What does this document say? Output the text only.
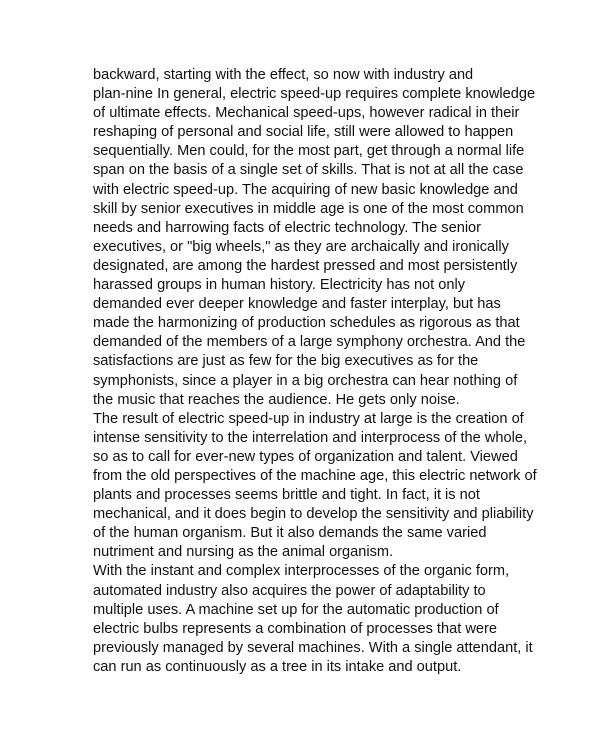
backward, starting with the effect, so now with industry and
plan-nine In general, electric speed-up requires complete knowledge
of ultimate effects. Mechanical speed-ups, however radical in their
reshaping of personal and social life, still were allowed to happen
sequentially. Men could, for the most part, get through a normal life
span on the basis of a single set of skills. That is not at all the case
with electric speed-up. The acquiring of new basic knowledge and
skill by senior executives in middle age is one of the most common
needs and harrowing facts of electric technology. The senior
executives, or "big wheels," as they are archaically and ironically
designated, are among the hardest pressed and most persistently
harassed groups in human history. Electricity has not only
demanded ever deeper knowledge and faster interplay, but has
made the harmonizing of production schedules as rigorous as that
demanded of the members of a large symphony orchestra. And the
satisfactions are just as few for the big executives as for the
symphonists, since a player in a big orchestra can hear nothing of
the music that reaches the audience. He gets only noise.
The result of electric speed-up in industry at large is the creation of
intense sensitivity to the interrelation and interprocess of the whole,
so as to call for ever-new types of organization and talent. Viewed
from the old perspectives of the machine age, this electric network of
plants and processes seems brittle and tight. In fact, it is not
mechanical, and it does begin to develop the sensitivity and pliability
of the human organism. But it also demands the same varied
nutriment and nursing as the animal organism.
With the instant and complex interprocesses of the organic form,
automated industry also acquires the power of adaptability to
multiple uses. A machine set up for the automatic production of
electric bulbs represents a combination of processes that were
previously managed by several machines. With a single attendant, it
can run as continuously as a tree in its intake and output.
